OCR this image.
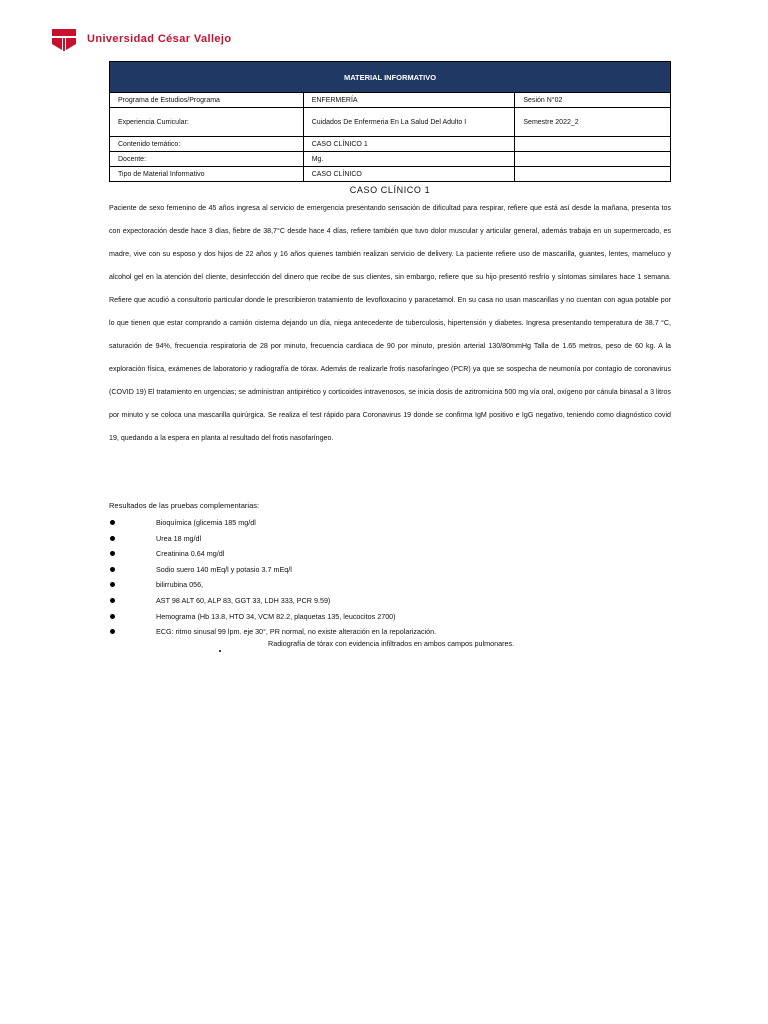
Universidad César Vallejo
MATERIAL INFORMATIVO		
Programa de Estudios/Programa	ENFERMERÍA	Sesión N°02
Experiencia Curricular:	Cuidados De Enfermeria En La Salud Del Adulto I	Semestre 2022_2
Contenido temático:	CASO CLÍNICO 1	
Docente:	Mg.	
Tipo de Material Informativo	CASO CLÍNICO	
CASO CLÍNICO 1
Paciente de sexo femenino de 45 años ingresa al servicio de emergencia presentando sensación de dificultad para respirar, refiere que está así desde la mañana, presenta tos con expectoración desde hace 3 días, fiebre de 38,7°C desde hace 4 días, refiere también que tuvo dolor muscular y articular general, además trabaja en un supermercado, es madre, vive con su esposo y dos hijos de 22 años y 16 años quienes también realizan servicio de delivery. La paciente refiere uso de mascarilla, guantes, lentes, mameluco y alcohol gel en la atención del cliente, desinfección del dinero que recibe de sus clientes, sin embargo, refiere que su hijo presentó resfrío y síntomas similares hace 1 semana. Refiere que acudió a consultorio particular donde le prescribieron tratamiento de levofloxacino y paracetamol. En su casa no usan mascarillas y no cuentan con agua potable por lo que tienen que estar comprando a camión cisterna dejando un día, niega antecedente de tuberculosis, hipertensión y diabetes. Ingresa presentando temperatura de 38.7 °C, saturación de 94%, frecuencia respiratoria de 28 por minuto, frecuencia cardiaca de 90 por minuto, presión arterial 130/80mmHg Talla de 1.65 metros, peso de 60 kg. A la exploración física, exámenes de laboratorio y radiografía de tórax. Además de realizarle frotis nasofaríngeo (PCR) ya que se sospecha de neumonía por contagio de coronavirus (COVID 19) El tratamiento en urgencias; se administran antipirético y corticoides intravenosos, se inicia dosis de azitromicina 500 mg vía oral, oxígeno por cánula binasal a 3 litros por minuto y se coloca una mascarilla quirúrgica. Se realiza el test rápido para Coronavirus 19 donde se confirma IgM positivo e IgG negativo, teniendo como diagnóstico covid 19, quedando a la espera en planta al resultado del frotis nasofaríngeo.
Resultados de las pruebas complementarias:
Bioquímica (glicemia 185 mg/dl
Urea 18 mg/dl
Creatinina 0.64 mg/dl
Sodio suero 140 mEq/l y potasio 3.7 mEq/l
bilirrubina 056,
AST 98 ALT 60, ALP 83, GGT 33, LDH 333, PCR 9.59)
Hemograma (Hb 13.8, HTO 34, VCM 82.2, plaquetas 135, leucocitos 2700)
ECG: ritmo sinusal 99 lpm. eje 30°, PR normal, no existe alteración en la repolarización.
Radiografía de tórax con evidencia infiltrados en ambos campos pulmonares.
